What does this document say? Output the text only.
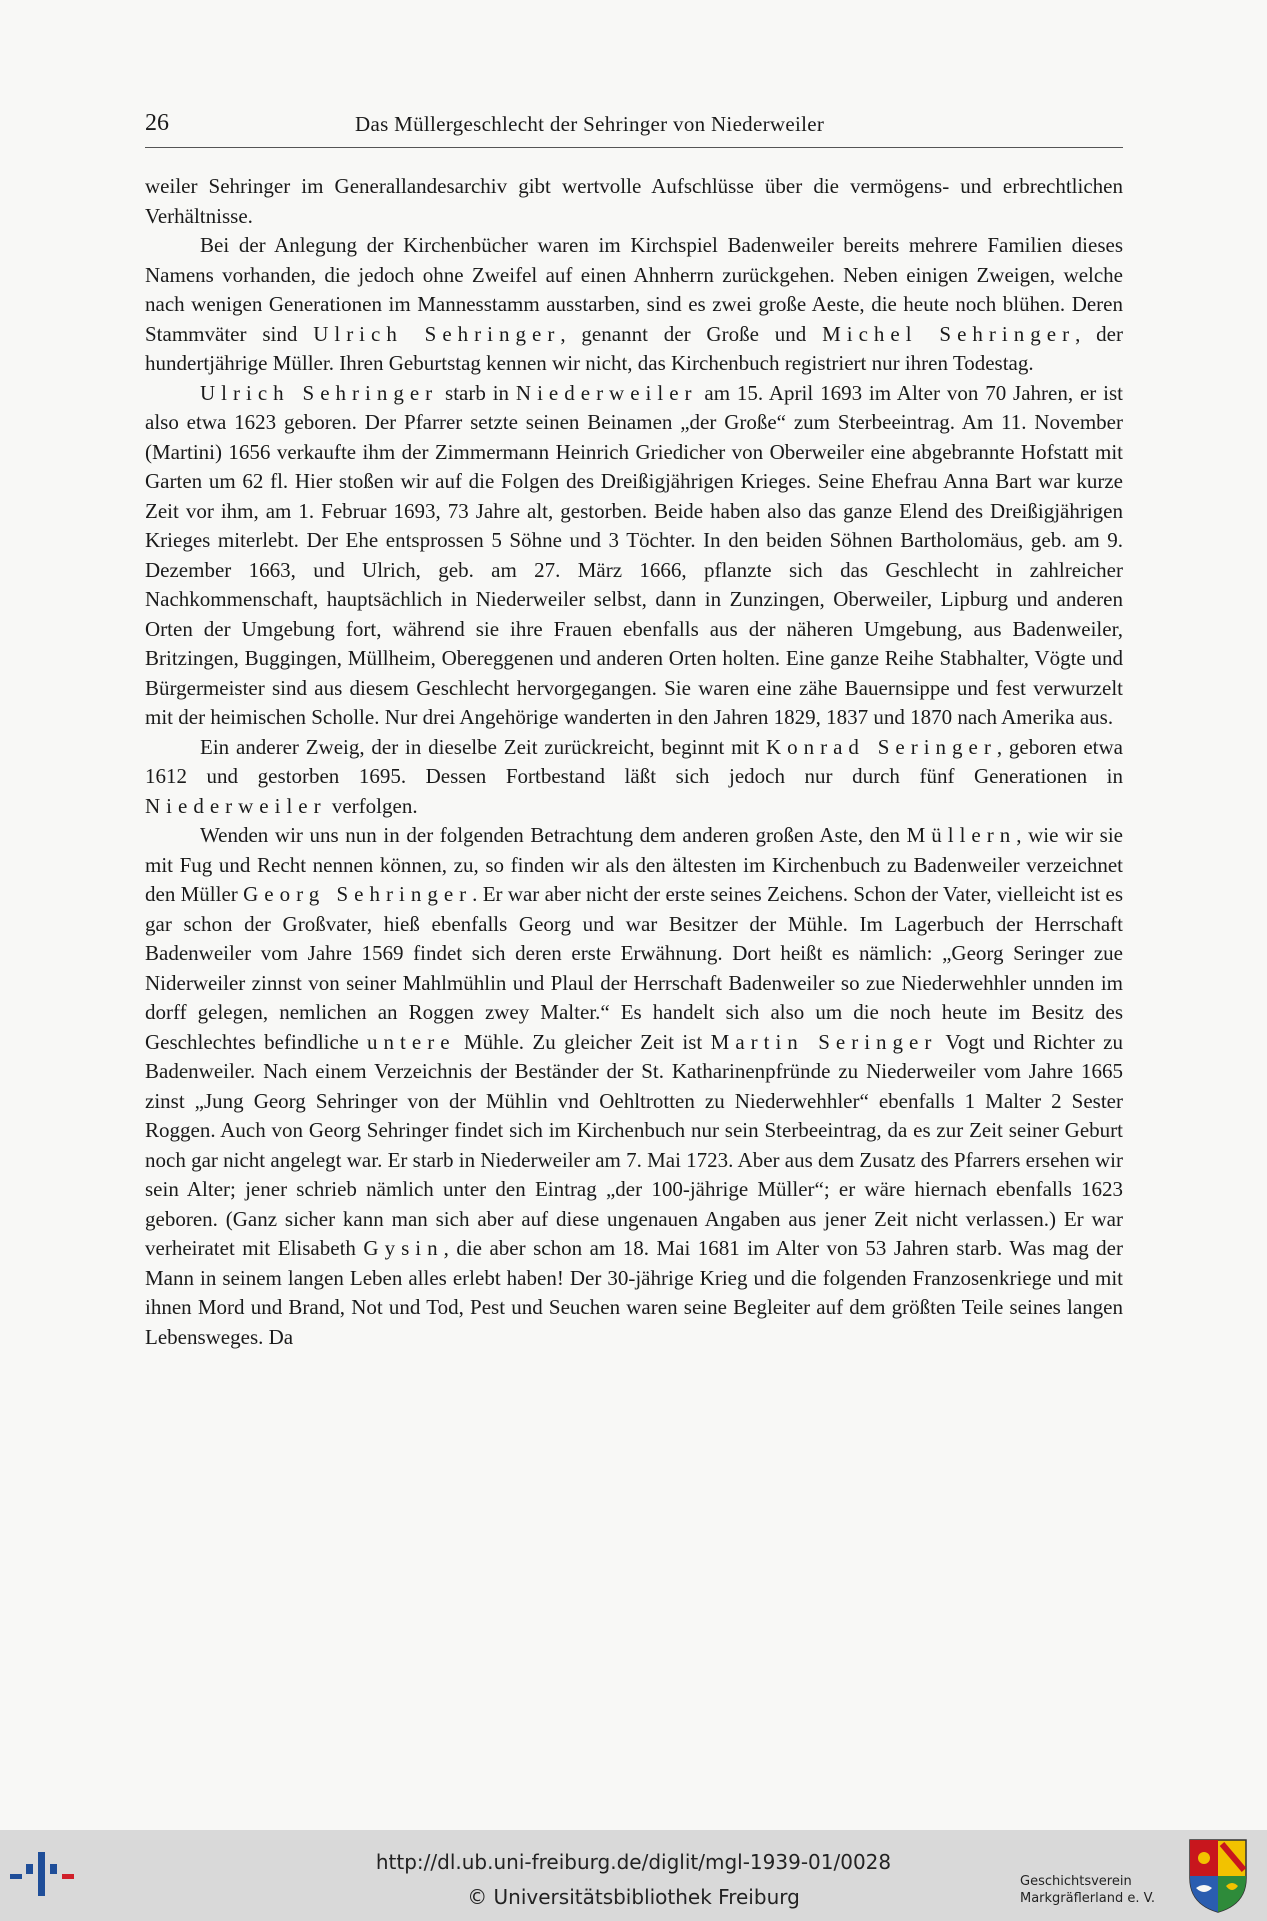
26	Das Müllergeschlecht der Sehringer von Niederweiler

weiler Sehringer im Generallandesarchiv gibt wertvolle Aufschlüsse über die vermögens- und erbrechtlichen Verhältnisse.

Bei der Anlegung der Kirchenbücher waren im Kirchspiel Badenweiler bereits mehrere Familien dieses Namens vorhanden, die jedoch ohne Zweifel auf einen Ahnherrn zurückgehen. Neben einigen Zweigen, welche nach wenigen Generationen im Mannesstamm ausstarben, sind es zwei große Aeste, die heute noch blühen. Deren Stammväter sind Ulrich Sehringer, genannt der Große und Michel Sehringer, der hundertjährige Müller. Ihren Geburtstag kennen wir nicht, das Kirchenbuch registriert nur ihren Todestag.

Ulrich Sehringer starb in Niederweiler am 15. April 1693 im Alter von 70 Jahren, er ist also etwa 1623 geboren. Der Pfarrer setzte seinen Beinamen „der Große“ zum Sterbeeintrag. Am 11. November (Martini) 1656 verkaufte ihm der Zimmermann Heinrich Griedicher von Oberweiler eine abgebrannte Hofstatt mit Garten um 62 fl. Hier stoßen wir auf die Folgen des Dreißigjährigen Krieges. Seine Ehefrau Anna Bart war kurze Zeit vor ihm, am 1. Februar 1693, 73 Jahre alt, gestorben. Beide haben also das ganze Elend des Dreißigjährigen Krieges miterlebt. Der Ehe entsprossen 5 Söhne und 3 Töchter. In den beiden Söhnen Bartholomäus, geb. am 9. Dezember 1663, und Ulrich, geb. am 27. März 1666, pflanzte sich das Geschlecht in zahlreicher Nachkommenschaft, hauptsächlich in Niederweiler selbst, dann in Zunzingen, Oberweiler, Lipburg und anderen Orten der Umgebung fort, während sie ihre Frauen ebenfalls aus der näheren Umgebung, aus Badenweiler, Britzingen, Buggingen, Müllheim, Obereggenen und anderen Orten holten. Eine ganze Reihe Stabhalter, Vögte und Bürgermeister sind aus diesem Geschlecht hervorgegangen. Sie waren eine zähe Bauernsippe und fest verwurzelt mit der heimischen Scholle. Nur drei Angehörige wanderten in den Jahren 1829, 1837 und 1870 nach Amerika aus.

Ein anderer Zweig, der in dieselbe Zeit zurückreicht, beginnt mit Konrad Seringer, geboren etwa 1612 und gestorben 1695. Dessen Fortbestand läßt sich jedoch nur durch fünf Generationen in Niederweiler verfolgen.

Wenden wir uns nun in der folgenden Betrachtung dem anderen großen Aste, den Müllern, wie wir sie mit Fug und Recht nennen können, zu, so finden wir als den ältesten im Kirchenbuch zu Badenweiler verzeichnet den Müller Georg Sehringer. Er war aber nicht der erste seines Zeichens. Schon der Vater, vielleicht ist es gar schon der Großvater, hieß ebenfalls Georg und war Besitzer der Mühle. Im Lagerbuch der Herrschaft Badenweiler vom Jahre 1569 findet sich deren erste Erwähnung. Dort heißt es nämlich: „Georg Seringer zue Niderweiler zinnst von seiner Mahlmühlin und Plaul der Herrschaft Badenweiler so zue Niederwehhler unnden im dorff gelegen, nemlichen an Roggen zwey Malter.“ Es handelt sich also um die noch heute im Besitz des Geschlechtes befindliche untere Mühle. Zu gleicher Zeit ist Martin Seringer Vogt und Richter zu Badenweiler. Nach einem Verzeichnis der Beständer der St. Katharinenpfründe zu Niederweiler vom Jahre 1665 zinst „Jung Georg Sehringer von der Mühlin vnd Oehltrotten zu Niederwehhler“ ebenfalls 1 Malter 2 Sester Roggen. Auch von Georg Sehringer findet sich im Kirchenbuch nur sein Sterbeeintrag, da es zur Zeit seiner Geburt noch gar nicht angelegt war. Er starb in Niederweiler am 7. Mai 1723. Aber aus dem Zusatz des Pfarrers ersehen wir sein Alter; jener schrieb nämlich unter den Eintrag „der 100-jährige Müller“; er wäre hiernach ebenfalls 1623 geboren. (Ganz sicher kann man sich aber auf diese ungenauen Angaben aus jener Zeit nicht verlassen.) Er war verheiratet mit Elisabeth Gysin, die aber schon am 18. Mai 1681 im Alter von 53 Jahren starb. Was mag der Mann in seinem langen Leben alles erlebt haben! Der 30-jährige Krieg und die folgenden Franzosenkriege und mit ihnen Mord und Brand, Not und Tod, Pest und Seuchen waren seine Begleiter auf dem größten Teile seines langen Lebensweges. Da

http://dl.ub.uni-freiburg.de/diglit/mgl-1939-01/0028
© Universitätsbibliothek Freiburg
Geschichtsverein
Markgräflerland e. V.
